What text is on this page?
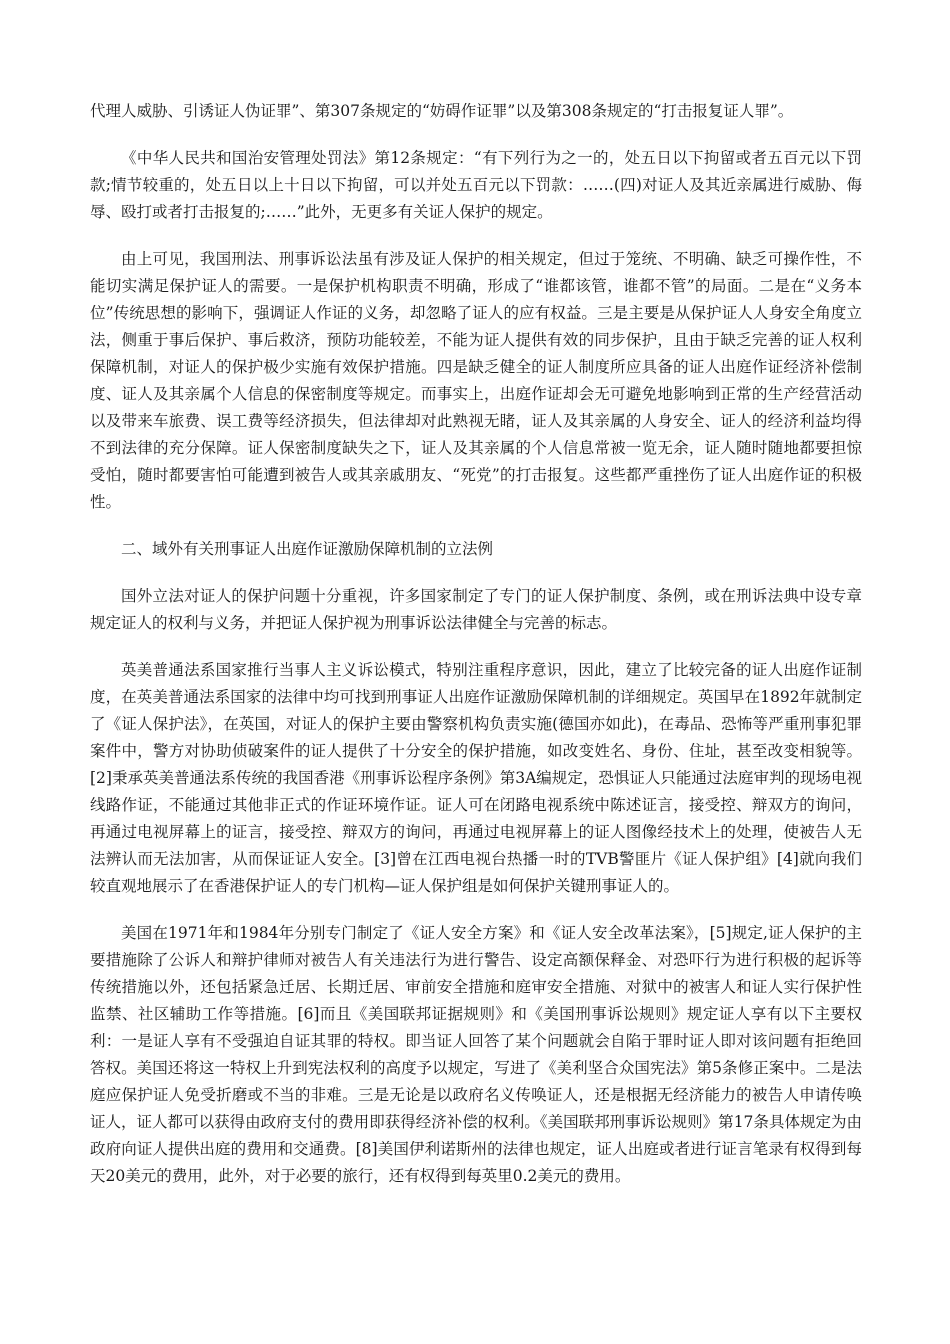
代理人威胁、引诱证人伪证罪”、第307条规定的“妨碍作证罪”以及第308条规定的“打击报复证人罪”。

《中华人民共和国治安管理处罚法》第12条规定：“有下列行为之一的，处五日以下拘留或者五百元以下罚款;情节较重的，处五日以上十日以下拘留，可以并处五百元以下罚款：……(四)对证人及其近亲属进行威胁、侮辱、殴打或者打击报复的;……”此外，无更多有关证人保护的规定。

由上可见，我国刑法、刑事诉讼法虽有涉及证人保护的相关规定，但过于笼统、不明确、缺乏可操作性，不能切实满足保护证人的需要。一是保护机构职责不明确，形成了“谁都该管，谁都不管”的局面。二是在“义务本位”传统思想的影响下，强调证人作证的义务，却忽略了证人的应有权益。三是主要是从保护证人人身安全角度立法，侧重于事后保护、事后救济，预防功能较差，不能为证人提供有效的同步保护，且由于缺乏完善的证人权利保障机制，对证人的保护极少实施有效保护措施。四是缺乏健全的证人制度所应具备的证人出庭作证经济补偿制度、证人及其亲属个人信息的保密制度等规定。而事实上，出庭作证却会无可避免地影响到正常的生产经营活动以及带来车旅费、误工费等经济损失，但法律却对此熟视无睹，证人及其亲属的人身安全、证人的经济利益均得不到法律的充分保障。证人保密制度缺失之下，证人及其亲属的个人信息常被一览无余，证人随时随地都要担惊受怕，随时都要害怕可能遭到被告人或其亲戚朋友、“死党”的打击报复。这些都严重挫伤了证人出庭作证的积极性。

二、域外有关刑事证人出庭作证激励保障机制的立法例

国外立法对证人的保护问题十分重视，许多国家制定了专门的证人保护制度、条例，或在刑诉法典中设专章规定证人的权利与义务，并把证人保护视为刑事诉讼法律健全与完善的标志。

英美普通法系国家推行当事人主义诉讼模式，特别注重程序意识，因此，建立了比较完备的证人出庭作证制度，在英美普通法系国家的法律中均可找到刑事证人出庭作证激励保障机制的详细规定。英国早在1892年就制定了《证人保护法》，在英国，对证人的保护主要由警察机构负责实施(德国亦如此)，在毒品、恐怖等严重刑事犯罪案件中，警方对协助侦破案件的证人提供了十分安全的保护措施，如改变姓名、身份、住址，甚至改变相貌等。[2]秉承英美普通法系传统的我国香港《刑事诉讼程序条例》第3A编规定，恐惧证人只能通过法庭审判的现场电视线路作证，不能通过其他非正式的作证环境作证。证人可在闭路电视系统中陈述证言，接受控、辩双方的询问，再通过电视屏幕上的证言，接受控、辩双方的询问，再通过电视屏幕上的证人图像经技术上的处理，使被告人无法辨认而无法加害，从而保证证人安全。[3]曾在江西电视台热播一时的TVB警匪片《证人保护组》[4]就向我们较直观地展示了在香港保护证人的专门机构—证人保护组是如何保护关键刑事证人的。

美国在1971年和1984年分别专门制定了《证人安全方案》和《证人安全改革法案》，[5]规定,证人保护的主要措施除了公诉人和辩护律师对被告人有关违法行为进行警告、设定高额保释金、对恐吓行为进行积极的起诉等传统措施以外，还包括紧急迁居、长期迁居、审前安全措施和庭审安全措施、对狱中的被害人和证人实行保护性监禁、社区辅助工作等措施。[6]而且《美国联邦证据规则》和《美国刑事诉讼规则》规定证人享有以下主要权利：一是证人享有不受强迫自证其罪的特权。即当证人回答了某个问题就会自陷于罪时证人即对该问题有拒绝回答权。美国还将这一特权上升到宪法权利的高度予以规定，写进了《美利坚合众国宪法》第5条修正案中。二是法庭应保护证人免受折磨或不当的非难。三是无论是以政府名义传唤证人，还是根据无经济能力的被告人申请传唤证人，证人都可以获得由政府支付的费用即获得经济补偿的权利。《美国联邦刑事诉讼规则》第17条具体规定为由政府向证人提供出庭的费用和交通费。[8]美国伊利诺斯州的法律也规定，证人出庭或者进行证言笔录有权得到每天20美元的费用，此外，对于必要的旅行，还有权得到每英里0.2美元的费用。
